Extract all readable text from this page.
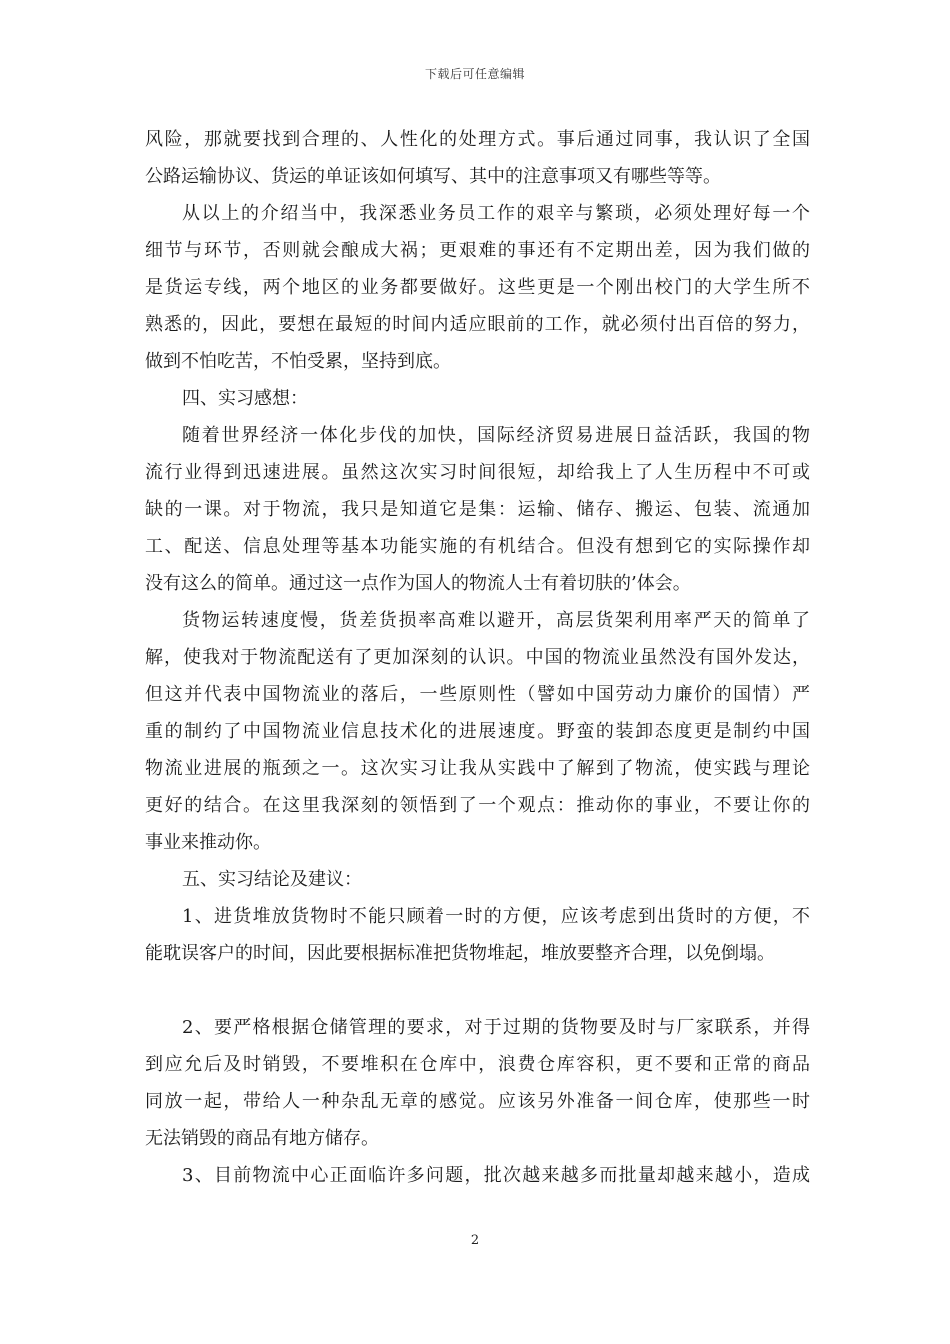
下载后可任意编辑
风险，那就要找到合理的、人性化的处理方式。事后通过同事，我认识了全国
公路运输协议、货运的单证该如何填写、其中的注意事项又有哪些等等。
从以上的介绍当中，我深悉业务员工作的艰辛与繁琐，必须处理好每一个
细节与环节，否则就会酿成大祸；更艰难的事还有不定期出差，因为我们做的
是货运专线，两个地区的业务都要做好。这些更是一个刚出校门的大学生所不
熟悉的，因此，要想在最短的时间内适应眼前的工作，就必须付出百倍的努力，
做到不怕吃苦，不怕受累，坚持到底。
四、实习感想：
随着世界经济一体化步伐的加快，国际经济贸易进展日益活跃，我国的物
流行业得到迅速进展。虽然这次实习时间很短，却给我上了人生历程中不可或
缺的一课。对于物流，我只是知道它是集：运输、储存、搬运、包装、流通加
工、配送、信息处理等基本功能实施的有机结合。但没有想到它的实际操作却
没有这么的简单。通过这一点作为国人的物流人士有着切肤的’体会。
货物运转速度慢，货差货损率高难以避开，高层货架利用率严天的简单了
解，使我对于物流配送有了更加深刻的认识。中国的物流业虽然没有国外发达，
但这并代表中国物流业的落后，一些原则性（譬如中国劳动力廉价的国情）严
重的制约了中国物流业信息技术化的进展速度。野蛮的装卸态度更是制约中国
物流业进展的瓶颈之一。这次实习让我从实践中了解到了物流，使实践与理论
更好的结合。在这里我深刻的领悟到了一个观点：推动你的事业，不要让你的
事业来推动你。
五、实习结论及建议：
1、进货堆放货物时不能只顾着一时的方便，应该考虑到出货时的方便，不
能耽误客户的时间，因此要根据标准把货物堆起，堆放要整齐合理，以免倒塌。
2、要严格根据仓储管理的要求，对于过期的货物要及时与厂家联系，并得
到应允后及时销毁，不要堆积在仓库中，浪费仓库容积，更不要和正常的商品
同放一起，带给人一种杂乱无章的感觉。应该另外准备一间仓库，使那些一时
无法销毁的商品有地方储存。
3、目前物流中心正面临许多问题，批次越来越多而批量却越来越小，造成
2
